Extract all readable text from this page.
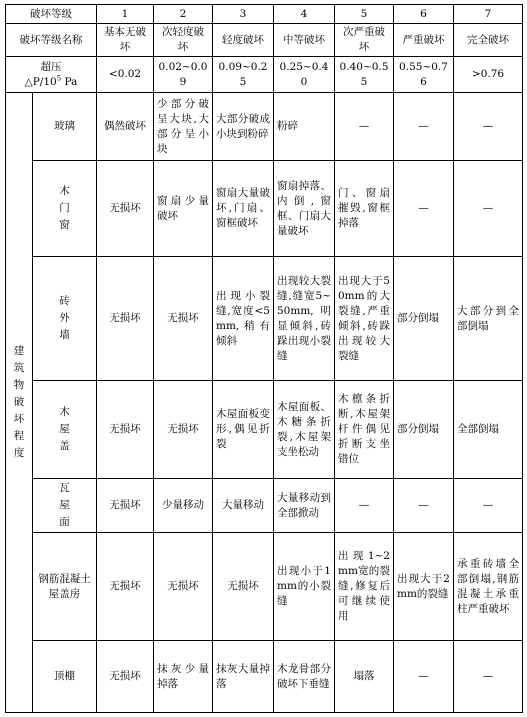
破坏等级		1	2	3	4	5	6	7
破坏等级名称		基本无破坏	次轻度破坏	轻度破坏	中等破坏	次严重破坏	严重破坏	完全破坏
超压
$\triangle P/10^5$ Pa		<0.02	0.02~0.09	0.09~0.25	0.25~0.40	0.40~0.55	0.55~0.76	>0.76

建筑物破坏程度	玻璃	偶然破坏	少部分破呈大块,大部分呈小块	大部分破成小块到粉碎	粉碎	—	—	—

	木门窗	无损坏	窗扇少量破坏	窗扇大量破坏,门扇、窗框破坏	窗扇掉落、内倒,窗框、门扇大量破坏	门、窗扇摧毁,窗框掉落	—	—

	砖外墙	无损坏	无损坏	出现小裂缝,宽度<5mm,稍有倾斜	出现较大裂缝,缝宽5~50mm,明显倾斜,砖跺出现小裂缝	出现大于50mm的大裂缝,严重倾斜,砖跺出现较大裂缝	部分倒塌	大部分到全部倒塌

	木屋盖	无损坏	无损坏	木屋面板变形,偶见折裂	木屋面板、木糖条折裂,木屋架支坐松动	木檩条折断,木屋架杆件偶见折断支坐错位	部分倒塌	全部倒塌

	瓦屋面	无损坏	少量移动	大量移动	大量移动到全部掀动	—	—	—
	钢筋混凝土屋盖房	无损坏	无损坏	无损坏	出现小于1mm的小裂缝	出现1~2mm宽的裂缝,修复后可继续使用	出现大于2mm的裂缝	承重砖墙全部倒塌,钢筋混凝土承重柱严重破坏
	顶棚	无损坏	抹灰少量掉落	抹灰大量掉落	木龙骨部分破坏下垂缝	塌落	—	—
